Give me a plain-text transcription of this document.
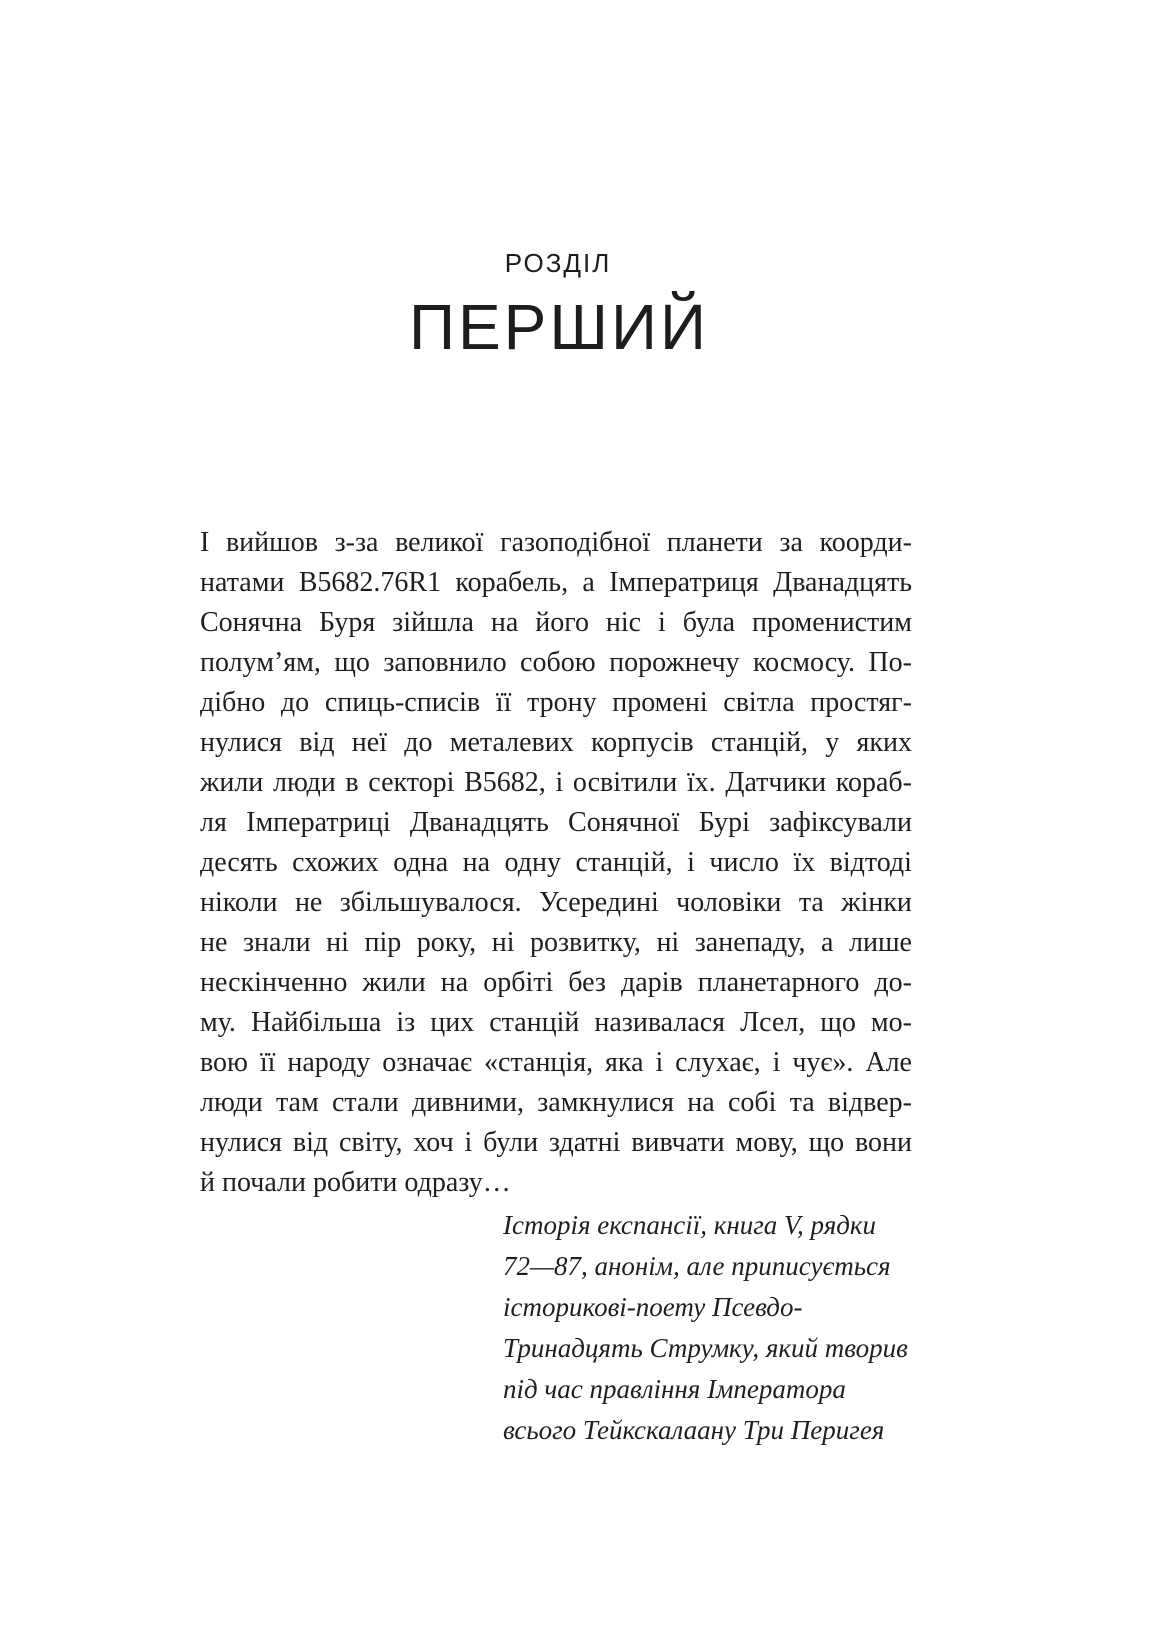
РОЗДІЛ
ПЕРШИЙ
І вийшов з-за великої газоподібної планети за коорди-
натами B5682.76R1 корабель, а Імператриця Дванадцять
Сонячна Буря зійшла на його ніс і була променистим
полум’ям, що заповнило собою порожнечу космосу. По-
дібно до спиць-списів її трону промені світла простяг-
нулися від неї до металевих корпусів станцій, у яких
жили люди в секторі B5682, і освітили їх. Датчики кораб-
ля Імператриці Дванадцять Сонячної Бурі зафіксували
десять схожих одна на одну станцій, і число їх відтоді
ніколи не збільшувалося. Усередині чоловіки та жінки
не знали ні пір року, ні розвитку, ні занепаду, а лише
нескінченно жили на орбіті без дарів планетарного до-
му. Найбільша із цих станцій називалася Лсел, що мо-
вою її народу означає «станція, яка і слухає, і чує». Але
люди там стали дивними, замкнулися на собі та відвер-
нулися від світу, хоч і були здатні вивчати мову, що вони
й почали робити одразу…
Історія експансії, книга V, рядки
72—87, анонім, але приписується
історикові-поету Псевдо-
Тринадцять Струмку, який творив
під час правління Імператора
всього Тейкскалаану Три Перигея
